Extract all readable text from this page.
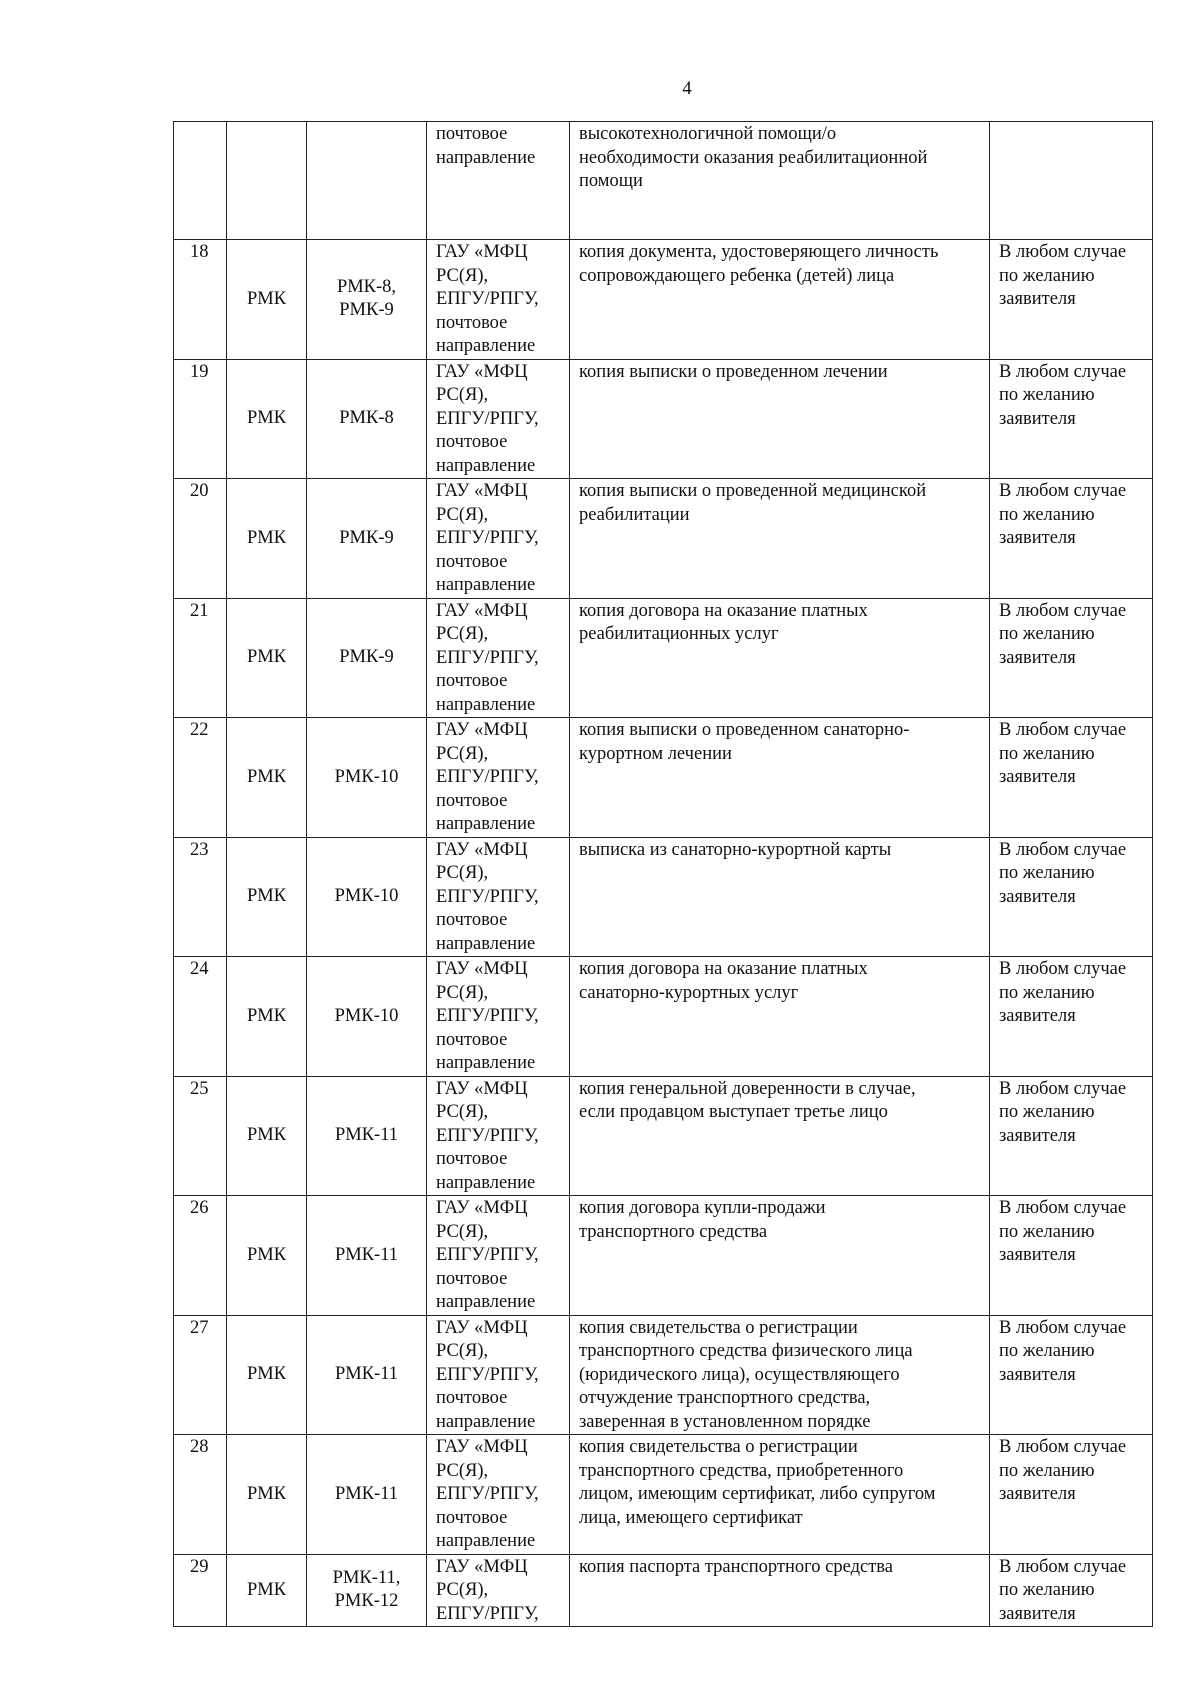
4

			почтовое
направление	высокотехнологичной помощи/о
необходимости оказания реабилитационной
помощи	

18	РМК	РМК-8,
РМК-9	ГАУ «МФЦ
РС(Я),
ЕПГУ/РПГУ,
почтовое
направление	копия документа, удостоверяющего личность
сопровождающего ребенка (детей) лица	В любом случае
по желанию
заявителя

19	РМК	РМК-8	ГАУ «МФЦ
РС(Я),
ЕПГУ/РПГУ,
почтовое
направление	копия выписки о проведенном лечении	В любом случае
по желанию
заявителя

20	РМК	РМК-9	ГАУ «МФЦ
РС(Я),
ЕПГУ/РПГУ,
почтовое
направление	копия выписки о проведенной медицинской
реабилитации	В любом случае
по желанию
заявителя

21	РМК	РМК-9	ГАУ «МФЦ
РС(Я),
ЕПГУ/РПГУ,
почтовое
направление	копия договора на оказание платных
реабилитационных услуг	В любом случае
по желанию
заявителя

22	РМК	РМК-10	ГАУ «МФЦ
РС(Я),
ЕПГУ/РПГУ,
почтовое
направление	копия выписки о проведенном санаторно-
курортном лечении	В любом случае
по желанию
заявителя

23	РМК	РМК-10	ГАУ «МФЦ
РС(Я),
ЕПГУ/РПГУ,
почтовое
направление	выписка из санаторно-курортной карты	В любом случае
по желанию
заявителя

24	РМК	РМК-10	ГАУ «МФЦ
РС(Я),
ЕПГУ/РПГУ,
почтовое
направление	копия договора на оказание платных
санаторно-курортных услуг	В любом случае
по желанию
заявителя

25	РМК	РМК-11	ГАУ «МФЦ
РС(Я),
ЕПГУ/РПГУ,
почтовое
направление	копия генеральной доверенности в случае,
если продавцом выступает третье лицо	В любом случае
по желанию
заявителя

26	РМК	РМК-11	ГАУ «МФЦ
РС(Я),
ЕПГУ/РПГУ,
почтовое
направление	копия договора купли-продажи
транспортного средства	В любом случае
по желанию
заявителя

27	РМК	РМК-11	ГАУ «МФЦ
РС(Я),
ЕПГУ/РПГУ,
почтовое
направление	копия свидетельства о регистрации
транспортного средства физического лица
(юридического лица), осуществляющего
отчуждение транспортного средства,
заверенная в установленном порядке	В любом случае
по желанию
заявителя

28	РМК	РМК-11	ГАУ «МФЦ
РС(Я),
ЕПГУ/РПГУ,
почтовое
направление	копия свидетельства о регистрации
транспортного средства, приобретенного
лицом, имеющим сертификат, либо супругом
лица, имеющего сертификат	В любом случае
по желанию
заявителя

29	РМК	РМК-11,
РМК-12	ГАУ «МФЦ
РС(Я),
ЕПГУ/РПГУ,	копия паспорта транспортного средства	В любом случае
по желанию
заявителя
